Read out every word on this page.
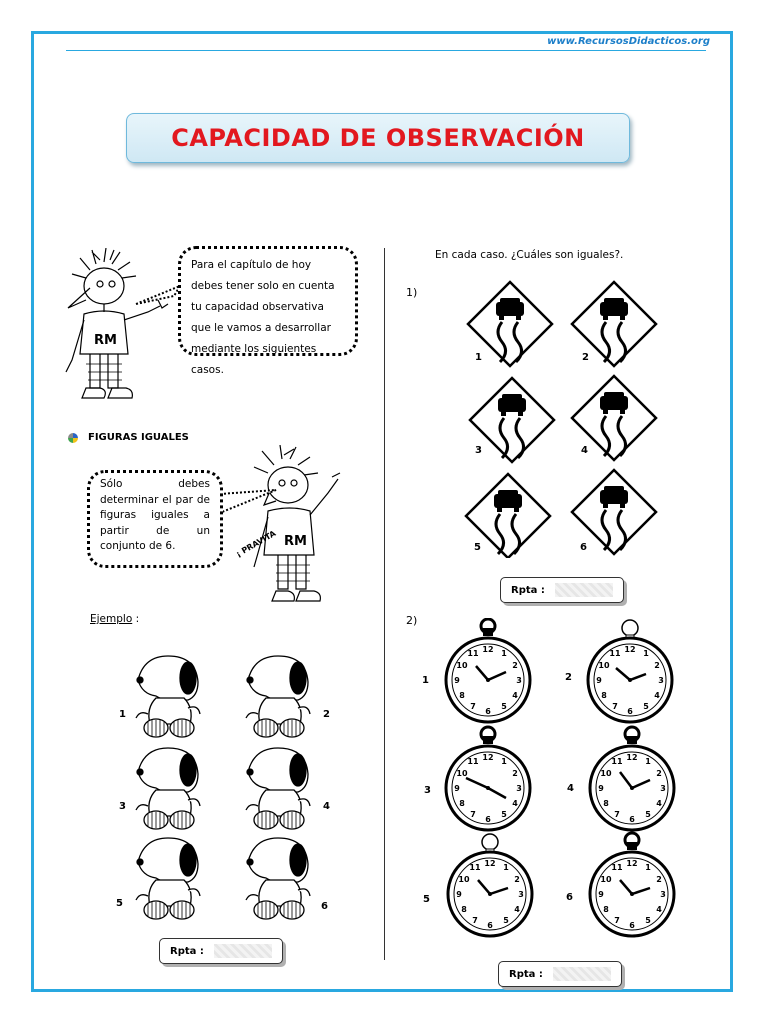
www.RecursosDidacticos.org
CAPACIDAD DE OBSERVACIÓN
RM
Para el capítulo de hoy debes tener solo en cuenta tu capacidad observativa que le vamos a desarrollar mediante los siguientes casos.
FIGURAS IGUALES
RM
¡ PRAVITA
Sólo debes determinar el par de figuras iguales a partir de un conjunto de 6.
Ejemplo :
1	2
3	4
5	6
Rpta :
En cada caso. ¿Cuáles son iguales?.
1)
1	2
3	4
5	6
Rpta :
2)
1	2
3	4
5	6
Rpta :
